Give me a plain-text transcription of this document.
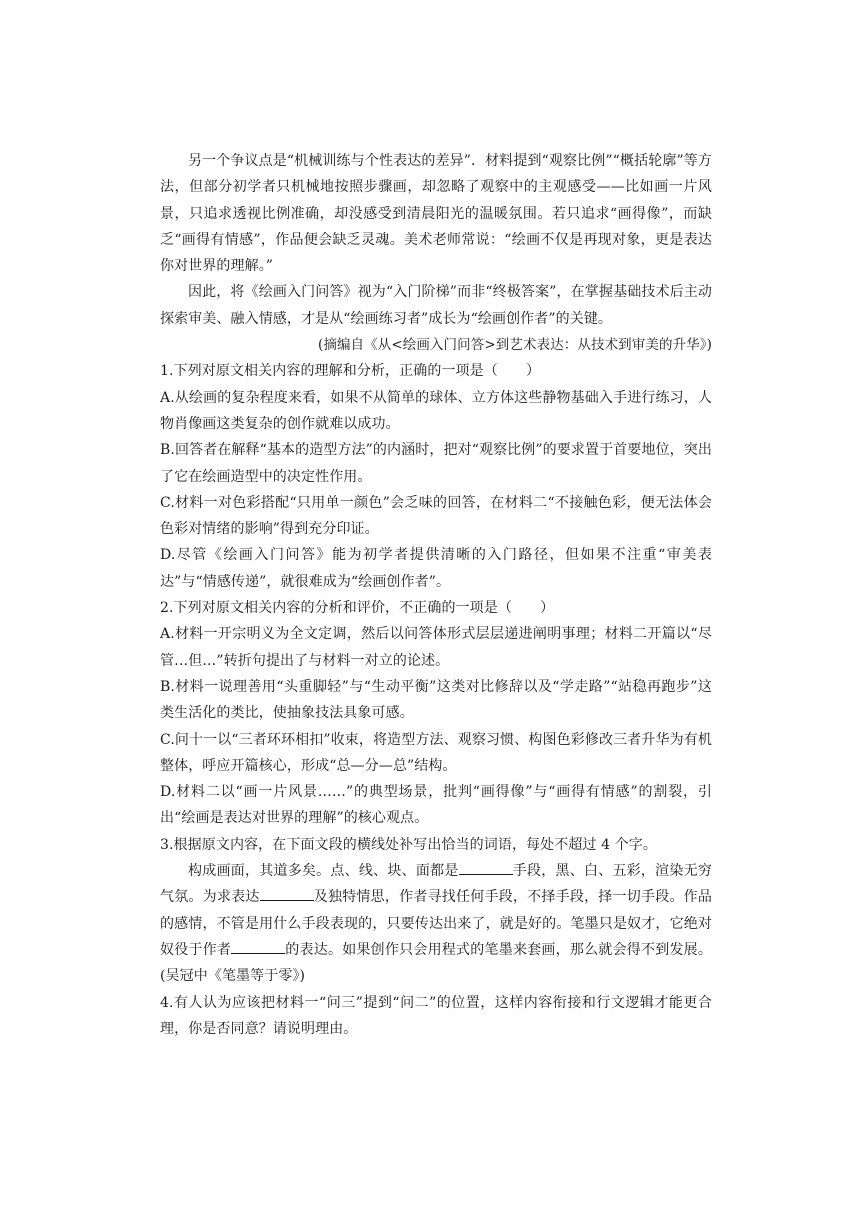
另一个争议点是“机械训练与个性表达的差异”．材料提到“观察比例”“概括轮廓”等方法，但部分初学者只机械地按照步骤画，却忽略了观察中的主观感受——比如画一片风景，只追求透视比例准确，却没感受到清晨阳光的温暖氛围。若只追求“画得像”，而缺乏“画得有情感”，作品便会缺乏灵魂。美术老师常说：“绘画不仅是再现对象，更是表达你对世界的理解。”

因此，将《绘画入门问答》视为“入门阶梯”而非“终极答案”，在掌握基础技术后主动探索审美、融入情感，才是从“绘画练习者”成长为“绘画创作者”的关键。

(摘编自《从<绘画入门问答>到艺术表达：从技术到审美的升华》)

1.下列对原文相关内容的理解和分析，正确的一项是（　　）

A.从绘画的复杂程度来看，如果不从简单的球体、立方体这些静物基础入手进行练习，人物肖像画这类复杂的创作就难以成功。

B.回答者在解释“基本的造型方法”的内涵时，把对“观察比例”的要求置于首要地位，突出了它在绘画造型中的决定性作用。

C.材料一对色彩搭配“只用单一颜色”会乏味的回答，在材料二“不接触色彩，便无法体会色彩对情绪的影响”得到充分印证。

D.尽管《绘画入门问答》能为初学者提供清晰的入门路径，但如果不注重“审美表达”与“情感传递”，就很难成为“绘画创作者”。

2.下列对原文相关内容的分析和评价，不正确的一项是（　　）

A.材料一开宗明义为全文定调，然后以问答体形式层层递进阐明事理；材料二开篇以“尽管…但…”转折句提出了与材料一对立的论述。

B.材料一说理善用“头重脚轻”与“生动平衡”这类对比修辞以及“学走路”“站稳再跑步”这类生活化的类比，使抽象技法具象可感。

C.问十一以“三者环环相扣”收束，将造型方法、观察习惯、构图色彩修改三者升华为有机整体，呼应开篇核心，形成“总—分—总”结构。

D.材料二以“画一片风景……”的典型场景，批判“画得像”与“画得有情感”的割裂，引出“绘画是表达对世界的理解”的核心观点。

3.根据原文内容，在下面文段的横线处补写出恰当的词语，每处不超过 4 个字。

构成画面，其道多矣。点、线、块、面都是	手段，黑、白、五彩，渲染无穷气氛。为求表达	及独特情思，作者寻找任何手段，不择手段，择一切手段。作品的感情，不管是用什么手段表现的，只要传达出来了，就是好的。笔墨只是奴才，它绝对奴役于作者	的表达。如果创作只会用程式的笔墨来套画，那么就会得不到发展。(吴冠中《笔墨等于零》)

4.有人认为应该把材料一“问三”提到“问二”的位置，这样内容衔接和行文逻辑才能更合理，你是否同意？请说明理由。
